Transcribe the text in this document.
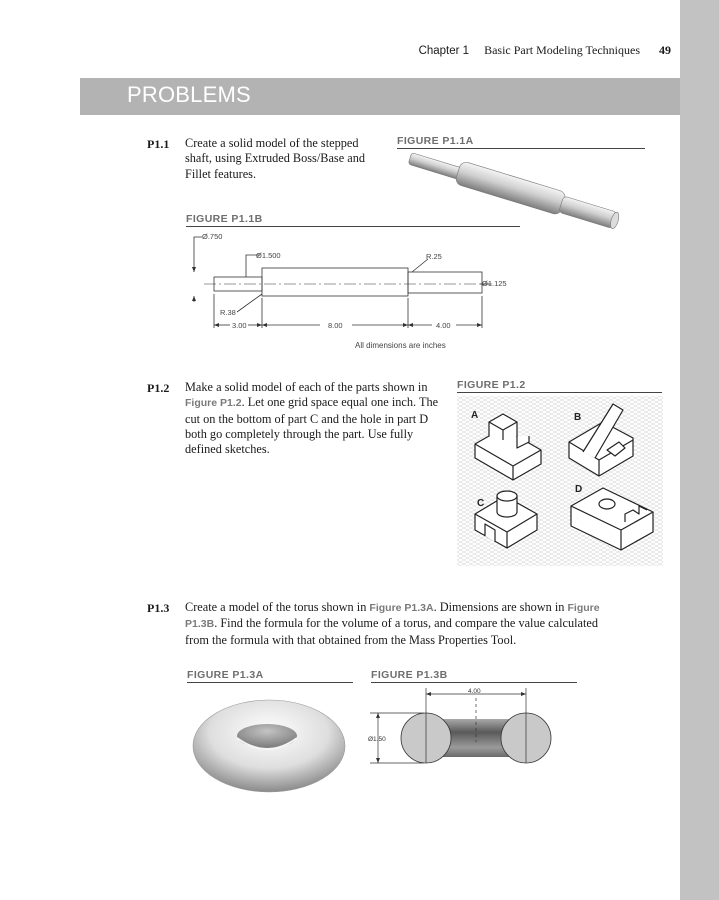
Chapter 1 Basic Part Modeling Techniques 49
PROBLEMS
P1.1 Create a solid model of the stepped shaft, using Extruded Boss/Base and Fillet features.
FIGURE P1.1A
FIGURE P1.1B
Ø.750
Ø1.500	R.25
Ø1.125
R.38
3.00	8.00	4.00
All dimensions are inches
P1.2 Make a solid model of each of the parts shown in Figure P1.2. Let one grid space equal one inch. The cut on the bottom of part C and the hole in part D both go completely through the part. Use fully defined sketches.
FIGURE P1.2
A	B
C
D
P1.3 Create a model of the torus shown in Figure P1.3A. Dimensions are shown in Figure P1.3B. Find the formula for the volume of a torus, and compare the value calculated from the formula with that obtained from the Mass Properties Tool.
FIGURE P1.3A	FIGURE P1.3B
4.00
Ø1.50
